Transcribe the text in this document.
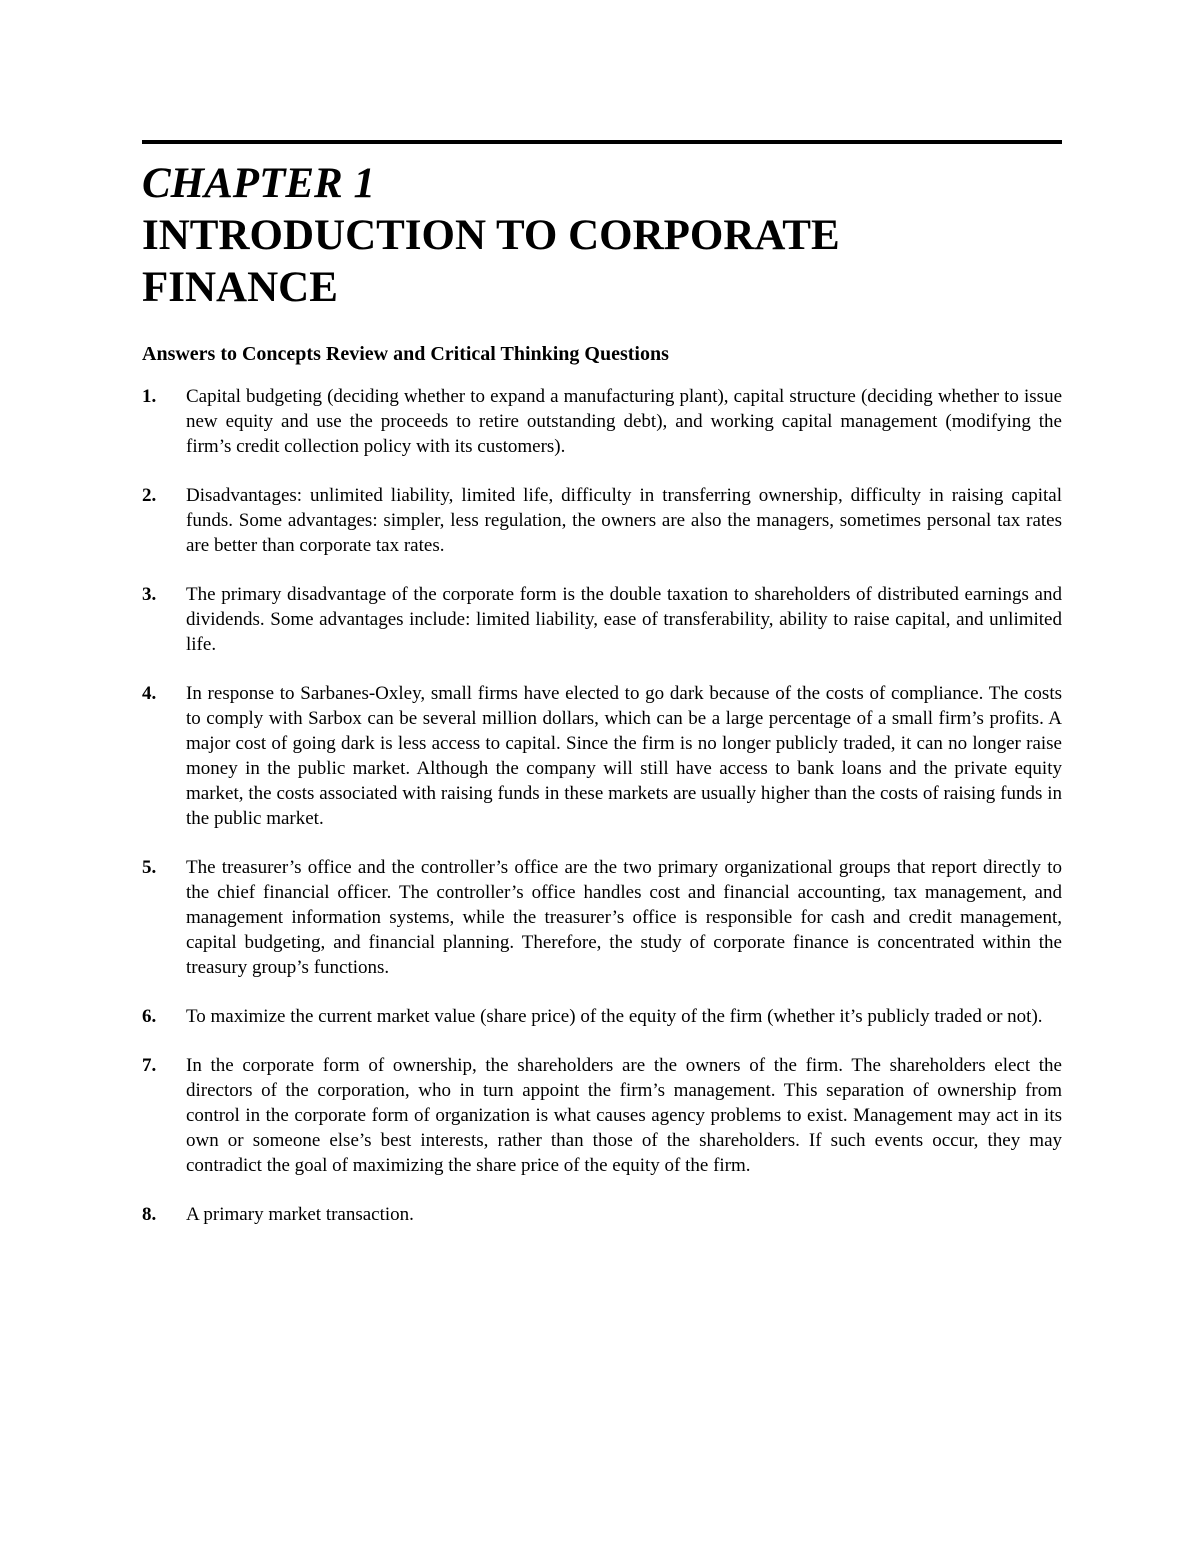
CHAPTER 1
INTRODUCTION TO CORPORATE FINANCE
Answers to Concepts Review and Critical Thinking Questions
1.	Capital budgeting (deciding whether to expand a manufacturing plant), capital structure (deciding whether to issue new equity and use the proceeds to retire outstanding debt), and working capital management (modifying the firm’s credit collection policy with its customers).
2.	Disadvantages: unlimited liability, limited life, difficulty in transferring ownership, difficulty in raising capital funds. Some advantages: simpler, less regulation, the owners are also the managers, sometimes personal tax rates are better than corporate tax rates.
3.	The primary disadvantage of the corporate form is the double taxation to shareholders of distributed earnings and dividends. Some advantages include: limited liability, ease of transferability, ability to raise capital, and unlimited life.
4.	In response to Sarbanes-Oxley, small firms have elected to go dark because of the costs of compliance. The costs to comply with Sarbox can be several million dollars, which can be a large percentage of a small firm’s profits. A major cost of going dark is less access to capital. Since the firm is no longer publicly traded, it can no longer raise money in the public market. Although the company will still have access to bank loans and the private equity market, the costs associated with raising funds in these markets are usually higher than the costs of raising funds in the public market.
5.	The treasurer’s office and the controller’s office are the two primary organizational groups that report directly to the chief financial officer. The controller’s office handles cost and financial accounting, tax management, and management information systems, while the treasurer’s office is responsible for cash and credit management, capital budgeting, and financial planning. Therefore, the study of corporate finance is concentrated within the treasury group’s functions.
6.	To maximize the current market value (share price) of the equity of the firm (whether it’s publicly traded or not).
7.	In the corporate form of ownership, the shareholders are the owners of the firm. The shareholders elect the directors of the corporation, who in turn appoint the firm’s management. This separation of ownership from control in the corporate form of organization is what causes agency problems to exist. Management may act in its own or someone else’s best interests, rather than those of the shareholders. If such events occur, they may contradict the goal of maximizing the share price of the equity of the firm.
8.	A primary market transaction.
